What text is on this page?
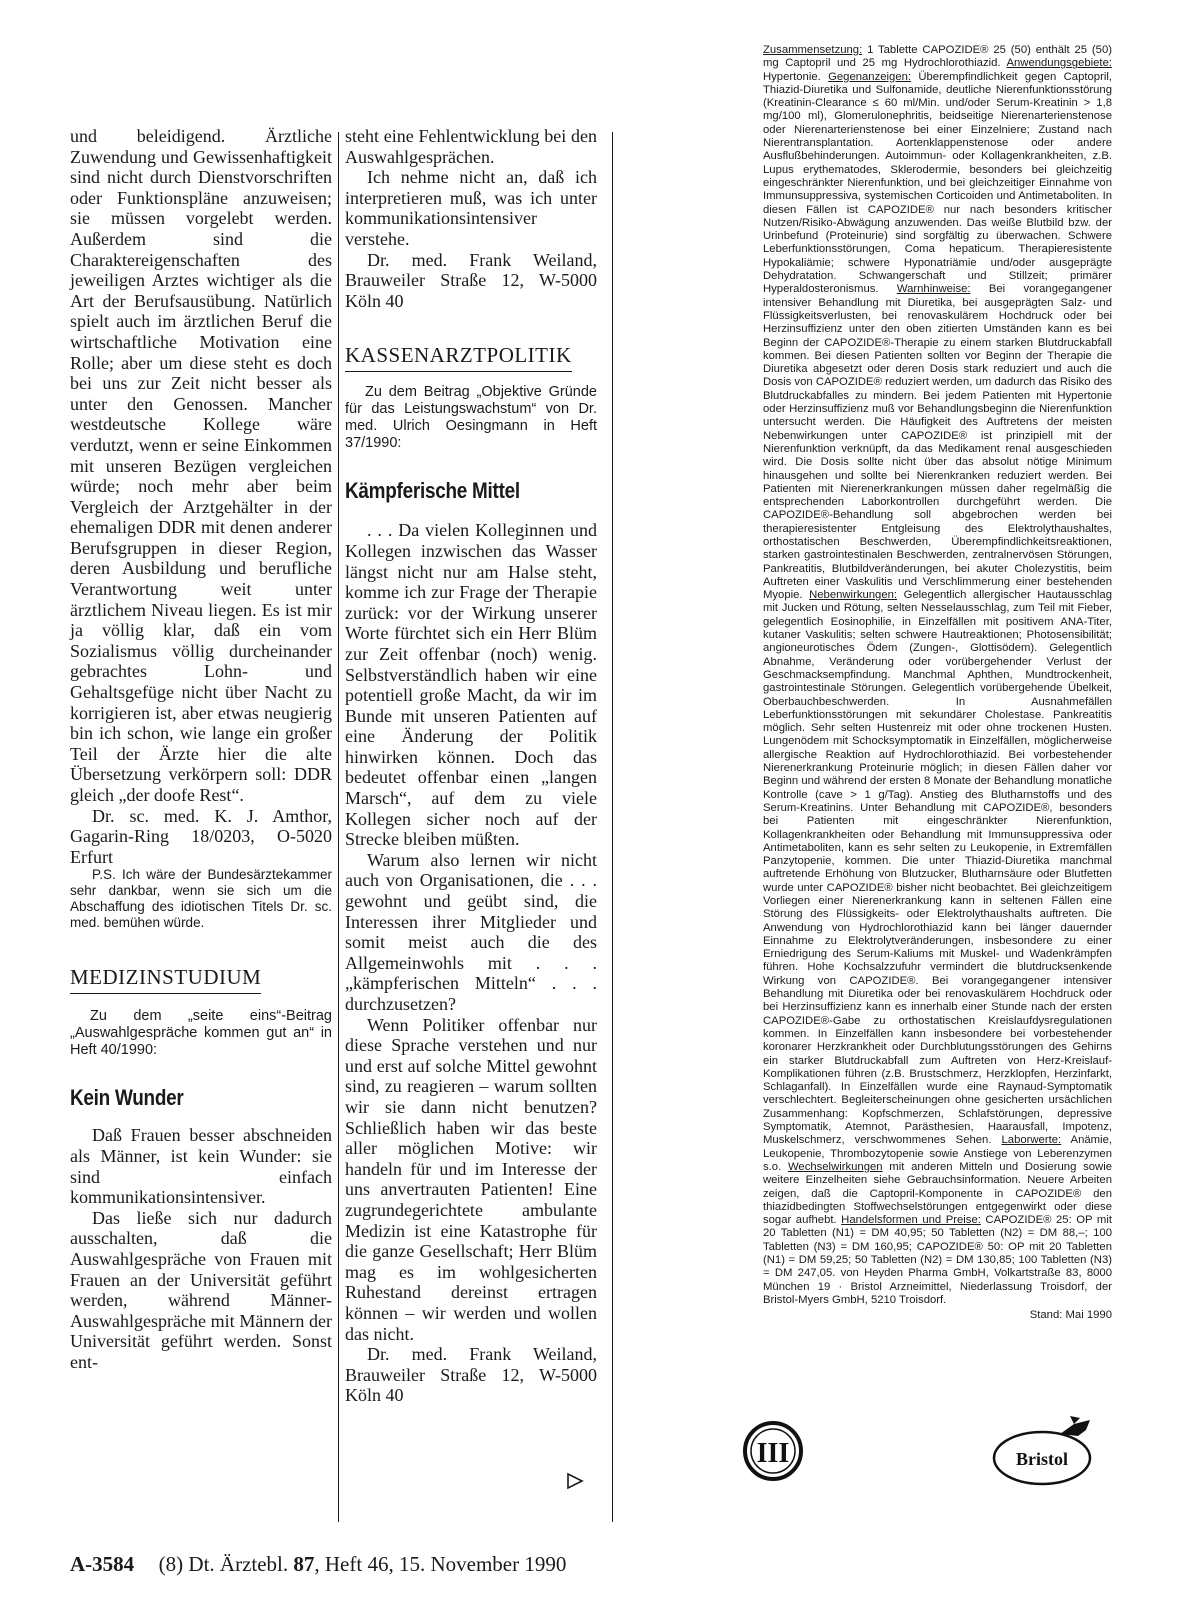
und beleidigend. Ärztliche Zuwendung und Gewissenhaftigkeit sind nicht durch Dienstvorschriften oder Funktionspläne anzuweisen; sie müssen vorgelebt werden. Außerdem sind die Charaktereigenschaften des jeweiligen Arztes wichtiger als die Art der Berufsausübung. Natürlich spielt auch im ärztlichen Beruf die wirtschaftliche Motivation eine Rolle; aber um diese steht es doch bei uns zur Zeit nicht besser als unter den Genossen. Mancher westdeutsche Kollege wäre verdutzt, wenn er seine Einkommen mit unseren Bezügen vergleichen würde; noch mehr aber beim Vergleich der Arztgehälter in der ehemaligen DDR mit denen anderer Berufsgruppen in dieser Region, deren Ausbildung und berufliche Verantwortung weit unter ärztlichem Niveau liegen. Es ist mir ja völlig klar, daß ein vom Sozialismus völlig durcheinander gebrachtes Lohn- und Gehaltsgefüge nicht über Nacht zu korrigieren ist, aber etwas neugierig bin ich schon, wie lange ein großer Teil der Ärzte hier die alte Übersetzung verkörpern soll: DDR gleich „der doofe Rest“.

Dr. sc. med. K. J. Amthor, Gagarin-Ring 18/0203, O-5020 Erfurt

P.S. Ich wäre der Bundesärztekammer sehr dankbar, wenn sie sich um die Abschaffung des idiotischen Titels Dr. sc. med. bemühen würde.

MEDIZINSTUDIUM

Zu dem „seite eins“-Beitrag „Auswahlgespräche kommen gut an“ in Heft 40/1990:

Kein Wunder

Daß Frauen besser abschneiden als Männer, ist kein Wunder: sie sind einfach kommunikationsintensiver.

Das ließe sich nur dadurch ausschalten, daß die Auswahlgespräche von Frauen mit Frauen an der Universität geführt werden, während Männer-Auswahlgespräche mit Männern der Universität geführt werden. Sonst ent-

steht eine Fehlentwicklung bei den Auswahlgesprächen.

Ich nehme nicht an, daß ich interpretieren muß, was ich unter kommunikationsintensiver verstehe.

Dr. med. Frank Weiland, Brauweiler Straße 12, W-5000 Köln 40

KASSENARZTPOLITIK

Zu dem Beitrag „Objektive Gründe für das Leistungswachstum“ von Dr. med. Ulrich Oesingmann in Heft 37/1990:

Kämpferische Mittel

. . . Da vielen Kolleginnen und Kollegen inzwischen das Wasser längst nicht nur am Halse steht, komme ich zur Frage der Therapie zurück: vor der Wirkung unserer Worte fürchtet sich ein Herr Blüm zur Zeit offenbar (noch) wenig. Selbstverständlich haben wir eine potentiell große Macht, da wir im Bunde mit unseren Patienten auf eine Änderung der Politik hinwirken können. Doch das bedeutet offenbar einen „langen Marsch“, auf dem zu viele Kollegen sicher noch auf der Strecke bleiben müßten.

Warum also lernen wir nicht auch von Organisationen, die . . . gewohnt und geübt sind, die Interessen ihrer Mitglieder und somit meist auch die des Allgemeinwohls mit . . . „kämpferischen Mitteln“ . . . durchzusetzen?

Wenn Politiker offenbar nur diese Sprache verstehen und nur und erst auf solche Mittel gewohnt sind, zu reagieren – warum sollten wir sie dann nicht benutzen? Schließlich haben wir das beste aller möglichen Motive: wir handeln für und im Interesse der uns anvertrauten Patienten! Eine zugrundegerichtete ambulante Medizin ist eine Katastrophe für die ganze Gesellschaft; Herr Blüm mag es im wohlgesicherten Ruhestand dereinst ertragen können – wir werden und wollen das nicht.

Dr. med. Frank Weiland, Brauweiler Straße 12, W-5000 Köln 40

Zusammensetzung: 1 Tablette CAPOZIDE® 25 (50) enthält 25 (50) mg Captopril und 25 mg Hydrochlorothiazid. Anwendungsgebiete: Hypertonie. Gegenanzeigen: Überempfindlichkeit gegen Captopril, Thiazid-Diuretika und Sulfonamide, deutliche Nierenfunktionsstörung (Kreatinin-Clearance ≤ 60 ml/Min. und/oder Serum-Kreatinin > 1,8 mg/100 ml), Glomerulonephritis, beidseitige Nierenarterienstenose oder Nierenarterienstenose bei einer Einzelniere; Zustand nach Nierentransplantation. Aortenklappenstenose oder andere Ausflußbehinderungen. Autoimmun- oder Kollagenkrankheiten, z.B. Lupus erythematodes, Sklerodermie, besonders bei gleichzeitig eingeschränkter Nierenfunktion, und bei gleichzeitiger Einnahme von Immunsuppressiva, systemischen Corticoiden und Antimetaboliten. In diesen Fällen ist CAPOZIDE® nur nach besonders kritischer Nutzen/Risiko-Abwägung anzuwenden. Das weiße Blutbild bzw. der Urinbefund (Proteinurie) sind sorgfältig zu überwachen. Schwere Leberfunktionsstörungen, Coma hepaticum. Therapieresistente Hypokaliämie; schwere Hyponatriämie und/oder ausgeprägte Dehydratation. Schwangerschaft und Stillzeit; primärer Hyperaldosteronismus. Warnhinweise: Bei vorangegangener intensiver Behandlung mit Diuretika, bei ausgeprägten Salz- und Flüssigkeitsverlusten, bei renovaskulärem Hochdruck oder bei Herzinsuffizienz unter den oben zitierten Umständen kann es bei Beginn der CAPOZIDE®-Therapie zu einem starken Blutdruckabfall kommen. Bei diesen Patienten sollten vor Beginn der Therapie die Diuretika abgesetzt oder deren Dosis stark reduziert und auch die Dosis von CAPOZIDE® reduziert werden, um dadurch das Risiko des Blutdruckabfalles zu mindern. Bei jedem Patienten mit Hypertonie oder Herzinsuffizienz muß vor Behandlungsbeginn die Nierenfunktion untersucht werden. Die Häufigkeit des Auftretens der meisten Nebenwirkungen unter CAPOZIDE® ist prinzipiell mit der Nierenfunktion verknüpft, da das Medikament renal ausgeschieden wird. Die Dosis sollte nicht über das absolut nötige Minimum hinausgehen und sollte bei Nierenkranken reduziert werden. Bei Patienten mit Nierenerkrankungen müssen daher regelmäßig die entsprechenden Laborkontrollen durchgeführt werden. Die CAPOZIDE®-Behandlung soll abgebrochen werden bei therapieresistenter Entgleisung des Elektrolythaushaltes, orthostatischen Beschwerden, Überempfindlichkeitsreaktionen, starken gastrointestinalen Beschwerden, zentralnervösen Störungen, Pankreatitis, Blutbildveränderungen, bei akuter Cholezystitis, beim Auftreten einer Vaskulitis und Verschlimmerung einer bestehenden Myopie. Nebenwirkungen: Gelegentlich allergischer Hautausschlag mit Jucken und Rötung, selten Nesselausschlag, zum Teil mit Fieber, gelegentlich Eosinophilie, in Einzelfällen mit positivem ANA-Titer, kutaner Vaskulitis; selten schwere Hautreaktionen; Photosensibilität; angioneurotisches Ödem (Zungen-, Glottisödem). Gelegentlich Abnahme, Veränderung oder vorübergehender Verlust der Geschmacksempfindung. Manchmal Aphthen, Mundtrockenheit, gastrointestinale Störungen. Gelegentlich vorübergehende Übelkeit, Oberbauchbeschwerden. In Ausnahmefällen Leberfunktionsstörungen mit sekundärer Cholestase. Pankreatitis möglich. Sehr selten Hustenreiz mit oder ohne trockenen Husten. Lungenödem mit Schocksymptomatik in Einzelfällen, möglicherweise allergische Reaktion auf Hydrochlorothiazid. Bei vorbestehender Nierenerkrankung Proteinurie möglich; in diesen Fällen daher vor Beginn und während der ersten 8 Monate der Behandlung monatliche Kontrolle (cave > 1 g/Tag). Anstieg des Blutharnstoffs und des Serum-Kreatinins. Unter Behandlung mit CAPOZIDE®, besonders bei Patienten mit eingeschränkter Nierenfunktion, Kollagenkrankheiten oder Behandlung mit Immunsuppressiva oder Antimetaboliten, kann es sehr selten zu Leukopenie, in Extremfällen Panzytopenie, kommen. Die unter Thiazid-Diuretika manchmal auftretende Erhöhung von Blutzucker, Blutharnsäure oder Blutfetten wurde unter CAPOZIDE® bisher nicht beobachtet. Bei gleichzeitigem Vorliegen einer Nierenerkrankung kann in seltenen Fällen eine Störung des Flüssigkeits- oder Elektrolythaushalts auftreten. Die Anwendung von Hydrochlorothiazid kann bei länger dauernder Einnahme zu Elektrolytveränderungen, insbesondere zu einer Erniedrigung des Serum-Kaliums mit Muskel- und Wadenkrämpfen führen. Hohe Kochsalzzufuhr vermindert die blutdrucksenkende Wirkung von CAPOZIDE®. Bei vorangegangener intensiver Behandlung mit Diuretika oder bei renovaskulärem Hochdruck oder bei Herzinsuffizienz kann es innerhalb einer Stunde nach der ersten CAPOZIDE®-Gabe zu orthostatischen Kreislaufdysregulationen kommen. In Einzelfällen kann insbesondere bei vorbestehender koronarer Herzkrankheit oder Durchblutungsstörungen des Gehirns ein starker Blutdruckabfall zum Auftreten von Herz-Kreislauf-Komplikationen führen (z.B. Brustschmerz, Herzklopfen, Herzinfarkt, Schlaganfall). In Einzelfällen wurde eine Raynaud-Symptomatik verschlechtert. Begleiterscheinungen ohne gesicherten ursächlichen Zusammenhang: Kopfschmerzen, Schlafstörungen, depressive Symptomatik, Atemnot, Parästhesien, Haarausfall, Impotenz, Muskelschmerz, verschwommenes Sehen. Laborwerte: Anämie, Leukopenie, Thrombozytopenie sowie Anstiege von Leberenzymen s.o. Wechselwirkungen mit anderen Mitteln und Dosierung sowie weitere Einzelheiten siehe Gebrauchsinformation. Neuere Arbeiten zeigen, daß die Captopril-Komponente in CAPOZIDE® den thiazidbedingten Stoffwechselstörungen entgegenwirkt oder diese sogar aufhebt. Handelsformen und Preise: CAPOZIDE® 25: OP mit 20 Tabletten (N1) = DM 40,95; 50 Tabletten (N2) = DM 88,–; 100 Tabletten (N3) = DM 160,95; CAPOZIDE® 50: OP mit 20 Tabletten (N1) = DM 59,25; 50 Tabletten (N2) = DM 130,85; 100 Tabletten (N3) = DM 247,05. von Heyden Pharma GmbH, Volkartstraße 83, 8000 München 19 · Bristol Arzneimittel, Niederlassung Troisdorf, der Bristol-Myers GmbH, 5210 Troisdorf.

Stand: Mai 1990

III	Bristol
A-3584 (8) Dt. Ärztebl. 87, Heft 46, 15. November 1990
